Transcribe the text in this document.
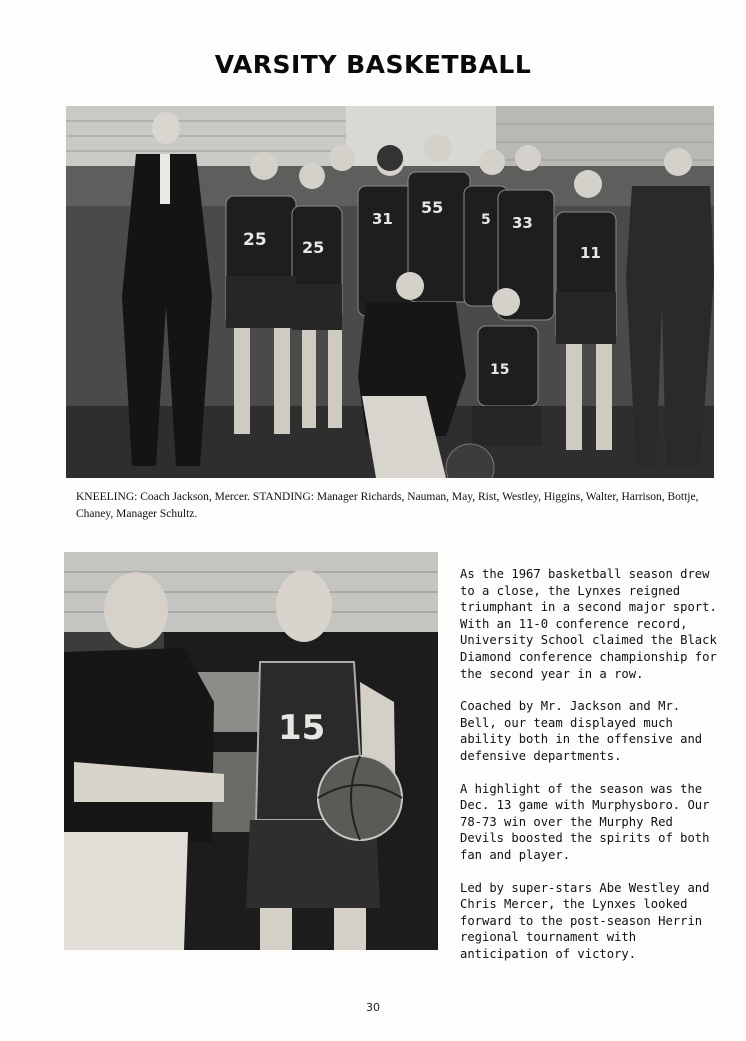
VARSITY BASKETBALL
25 25
31
55
5 33
11
15
KNEELING: Coach Jackson, Mercer. STANDING: Manager Richards, Nauman, May, Rist, Westley, Higgins, Walter, Harrison, Bottje, Chaney, Manager Schultz.
15

As the 1967 basketball season drew to a close, the Lynxes reigned triumphant in a second major sport. With an 11-0 conference record, University School claimed the Black Diamond conference championship for the second year in a row.

Coached by Mr. Jackson and Mr. Bell, our team displayed much ability both in the offensive and defensive departments.

A highlight of the season was the Dec. 13 game with Murphysboro. Our 78-73 win over the Murphy Red Devils boosted the spirits of both fan and player.

Led by super-stars Abe Westley and Chris Mercer, the Lynxes looked forward to the post-season Herrin regional tournament with anticipation of victory.

30
